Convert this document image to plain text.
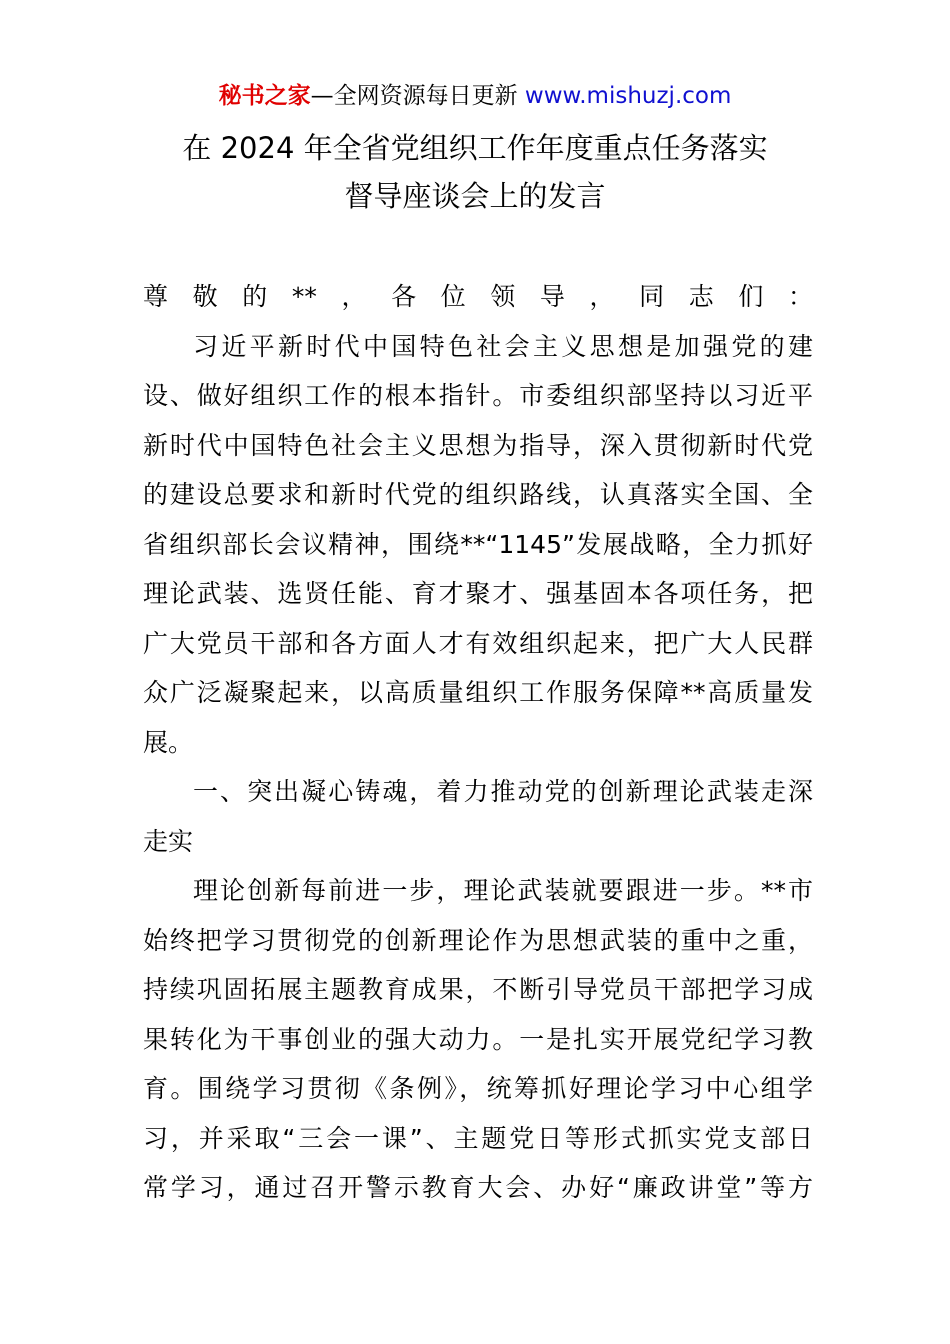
秘书之家—全网资源每日更新 www.mishuzj.com
在 2024 年全省党组织工作年度重点任务落实
督导座谈会上的发言
尊敬的**，各位领导，同志们：
习近平新时代中国特色社会主义思想是加强党的建
设、做好组织工作的根本指针。市委组织部坚持以习近平
新时代中国特色社会主义思想为指导，深入贯彻新时代党
的建设总要求和新时代党的组织路线，认真落实全国、全
省组织部长会议精神，围绕**“1145”发展战略，全力抓好
理论武装、选贤任能、育才聚才、强基固本各项任务，把
广大党员干部和各方面人才有效组织起来，把广大人民群
众广泛凝聚起来，以高质量组织工作服务保障**高质量发
展。
一、突出凝心铸魂，着力推动党的创新理论武装走深
走实
理论创新每前进一步，理论武装就要跟进一步。**市
始终把学习贯彻党的创新理论作为思想武装的重中之重，
持续巩固拓展主题教育成果，不断引导党员干部把学习成
果转化为干事创业的强大动力。一是扎实开展党纪学习教
育。围绕学习贯彻《条例》，统筹抓好理论学习中心组学
习，并采取“三会一课”、主题党日等形式抓实党支部日
常学习，通过召开警示教育大会、办好“廉政讲堂”等方
